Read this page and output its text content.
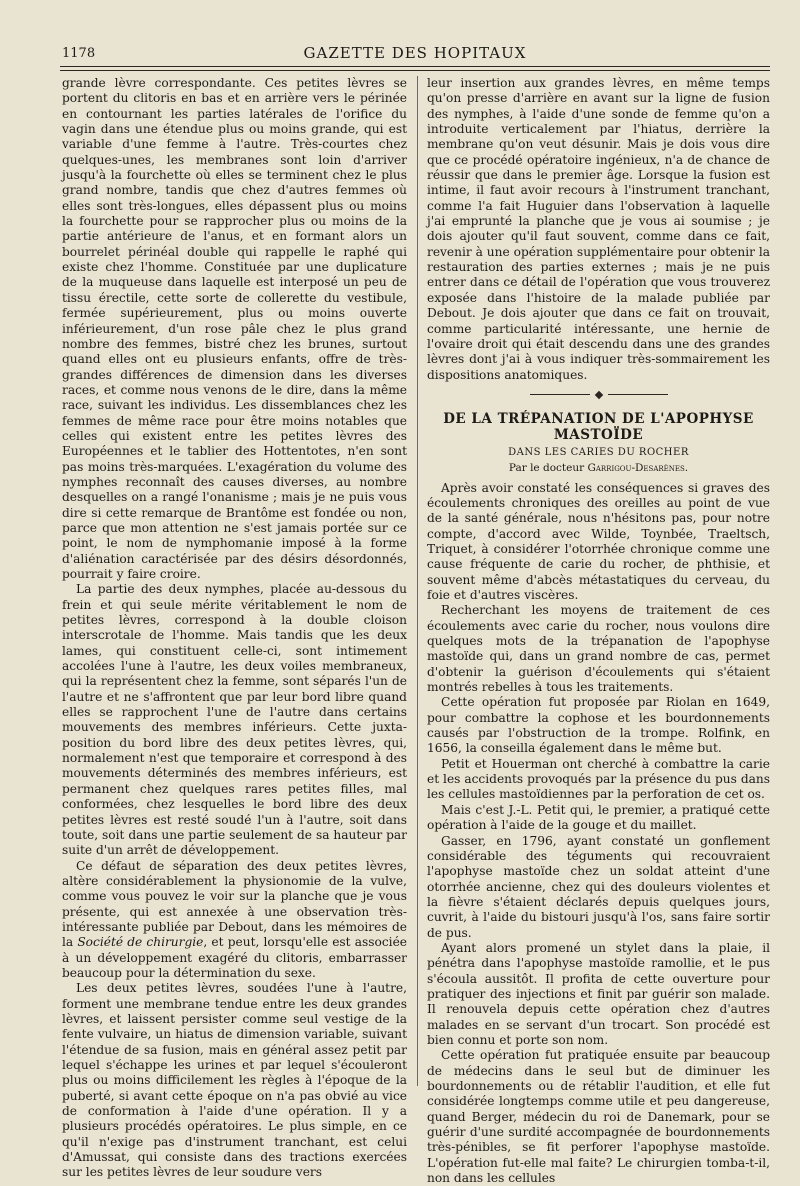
1178	GAZETTE DES HOPITAUX

grande lèvre correspondante. Ces petites lèvres se portent du clitoris en bas et en arrière vers le périnée en contournant les parties latérales de l'orifice du vagin dans une étendue plus ou moins grande, qui est variable d'une femme à l'autre. Très-courtes chez quelques-unes, les membranes sont loin d'arriver jusqu'à la fourchette où elles se terminent chez le plus grand nombre, tandis que chez d'autres femmes où elles sont très-longues, elles dépassent plus ou moins la fourchette pour se rapprocher plus ou moins de la partie antérieure de l'anus, et en formant alors un bourrelet périnéal double qui rappelle le raphé qui existe chez l'homme. Constituée par une duplicature de la muqueuse dans laquelle est interposé un peu de tissu érectile, cette sorte de collerette du vestibule, fermée supérieurement, plus ou moins ouverte inférieurement, d'un rose pâle chez le plus grand nombre des femmes, bistré chez les brunes, surtout quand elles ont eu plusieurs enfants, offre de très-grandes différences de dimension dans les diverses races, et comme nous venons de le dire, dans la même race, suivant les individus. Les dissemblances chez les femmes de même race pour être moins notables que celles qui existent entre les petites lèvres des Européennes et le tablier des Hottentotes, n'en sont pas moins très-marquées. L'exagération du volume des nymphes reconnaît des causes diverses, au nombre desquelles on a rangé l'onanisme ; mais je ne puis vous dire si cette remarque de Brantôme est fondée ou non, parce que mon attention ne s'est jamais portée sur ce point, le nom de nymphomanie imposé à la forme d'aliénation caractérisée par des désirs désordonnés, pourrait y faire croire.

La partie des deux nymphes, placée au-dessous du frein et qui seule mérite véritablement le nom de petites lèvres, correspond à la double cloison interscrotale de l'homme. Mais tandis que les deux lames, qui constituent celle-ci, sont intimement accolées l'une à l'autre, les deux voiles membraneux, qui la représentent chez la femme, sont séparés l'un de l'autre et ne s'affrontent que par leur bord libre quand elles se rapprochent l'une de l'autre dans certains mouvements des membres inférieurs. Cette juxta-position du bord libre des deux petites lèvres, qui, normalement n'est que temporaire et correspond à des mouvements déterminés des membres inférieurs, est permanent chez quelques rares petites filles, mal conformées, chez lesquelles le bord libre des deux petites lèvres est resté soudé l'un à l'autre, soit dans toute, soit dans une partie seulement de sa hauteur par suite d'un arrêt de développement.

Ce défaut de séparation des deux petites lèvres, altère considérablement la physionomie de la vulve, comme vous pouvez le voir sur la planche que je vous présente, qui est annexée à une observation très-intéressante publiée par Debout, dans les mémoires de la Société de chirurgie, et peut, lorsqu'elle est associée à un développement exagéré du clitoris, embarrasser beaucoup pour la détermination du sexe.

Les deux petites lèvres, soudées l'une à l'autre, forment une membrane tendue entre les deux grandes lèvres, et laissent persister comme seul vestige de la fente vulvaire, un hiatus de dimension variable, suivant l'étendue de sa fusion, mais en général assez petit par lequel s'échappe les urines et par lequel s'écouleront plus ou moins difficilement les règles à l'époque de la puberté, si avant cette époque on n'a pas obvié au vice de conformation à l'aide d'une opération. Il y a plusieurs procédés opératoires. Le plus simple, en ce qu'il n'exige pas d'instrument tranchant, est celui d'Amussat, qui consiste dans des tractions exercées sur les petites lèvres de leur soudure vers

leur insertion aux grandes lèvres, en même temps qu'on presse d'arrière en avant sur la ligne de fusion des nymphes, à l'aide d'une sonde de femme qu'on a introduite verticalement par l'hiatus, derrière la membrane qu'on veut désunir. Mais je dois vous dire que ce procédé opératoire ingénieux, n'a de chance de réussir que dans le premier âge. Lorsque la fusion est intime, il faut avoir recours à l'instrument tranchant, comme l'a fait Huguier dans l'observation à laquelle j'ai emprunté la planche que je vous ai soumise ; je dois ajouter qu'il faut souvent, comme dans ce fait, revenir à une opération supplémentaire pour obtenir la restauration des parties externes ; mais je ne puis entrer dans ce détail de l'opération que vous trouverez exposée dans l'histoire de la malade publiée par Debout. Je dois ajouter que dans ce fait on trouvait, comme particularité intéressante, une hernie de l'ovaire droit qui était descendu dans une des grandes lèvres dont j'ai à vous indiquer très-sommairement les dispositions anatomiques.

DE LA TRÉPANATION DE L'APOPHYSE MASTOÏDE
DANS LES CARIES DU ROCHER
Par le docteur Garrigou-Desarènes.

Après avoir constaté les conséquences si graves des écoulements chroniques des oreilles au point de vue de la santé générale, nous n'hésitons pas, pour notre compte, d'accord avec Wilde, Toynbée, Traeltsch, Triquet, à considérer l'otorrhée chronique comme une cause fréquente de carie du rocher, de phthisie, et souvent même d'abcès métastatiques du cerveau, du foie et d'autres viscères.

Recherchant les moyens de traitement de ces écoulements avec carie du rocher, nous voulons dire quelques mots de la trépanation de l'apophyse mastoïde qui, dans un grand nombre de cas, permet d'obtenir la guérison d'écoulements qui s'étaient montrés rebelles à tous les traitements.

Cette opération fut proposée par Riolan en 1649, pour combattre la cophose et les bourdonnements causés par l'obstruction de la trompe. Rolfink, en 1656, la conseilla également dans le même but.

Petit et Houerman ont cherché à combattre la carie et les accidents provoqués par la présence du pus dans les cellules mastoïdiennes par la perforation de cet os.

Mais c'est J.-L. Petit qui, le premier, a pratiqué cette opération à l'aide de la gouge et du maillet.

Gasser, en 1796, ayant constaté un gonflement considérable des téguments qui recouvraient l'apophyse mastoïde chez un soldat atteint d'une otorrhée ancienne, chez qui des douleurs violentes et la fièvre s'étaient déclarés depuis quelques jours, cuvrit, à l'aide du bistouri jusqu'à l'os, sans faire sortir de pus.

Ayant alors promené un stylet dans la plaie, il pénétra dans l'apophyse mastoïde ramollie, et le pus s'écoula aussitôt. Il profita de cette ouverture pour pratiquer des injections et finit par guérir son malade. Il renouvela depuis cette opération chez d'autres malades en se servant d'un trocart. Son procédé est bien connu et porte son nom.

Cette opération fut pratiquée ensuite par beaucoup de médecins dans le seul but de diminuer les bourdonnements ou de rétablir l'audition, et elle fut considérée longtemps comme utile et peu dangereuse, quand Berger, médecin du roi de Danemark, pour se guérir d'une surdité accompagnée de bourdonnements très-pénibles, se fit perforer l'apophyse mastoïde. L'opération fut-elle mal faite? Le chirurgien tomba-t-il, non dans les cellules
